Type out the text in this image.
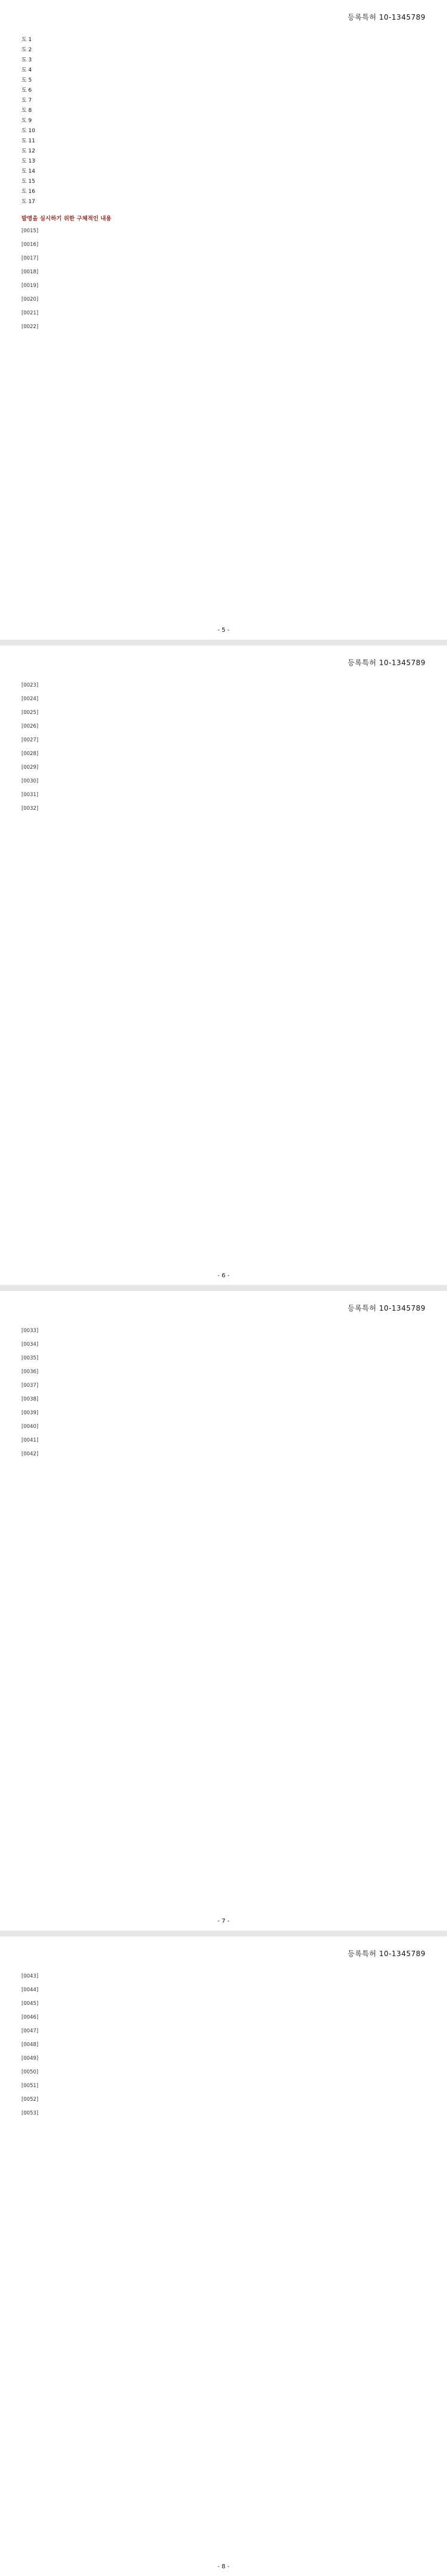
등록특허 10-1345789

도 1

도 2

도 3

도 4

도 5

도 6

도 7

도 8

도 9

도 10

도 11

도 12

도 13

도 14

도 15

도 16

도 17

발명을 실시하기 위한 구체적인 내용
[0015]
[0016]
[0017]
[0018]
[0019]
[0020]
[0021]
[0022]
- 5 -
등록특허 10-1345789
[0023]
[0024]
[0025]
[0026]
[0027]
[0028]
[0029]
[0030]
[0031]
[0032]
- 6 -
등록특허 10-1345789
[0033]
[0034]
[0035]
[0036]
[0037]
[0038]
[0039]
[0040]
[0041]
[0042]
- 7 -
등록특허 10-1345789
[0043]
[0044]
[0045]
[0046]
[0047]
[0048]
[0049]
[0050]
[0051]
[0052]
[0053]
- 8 -
